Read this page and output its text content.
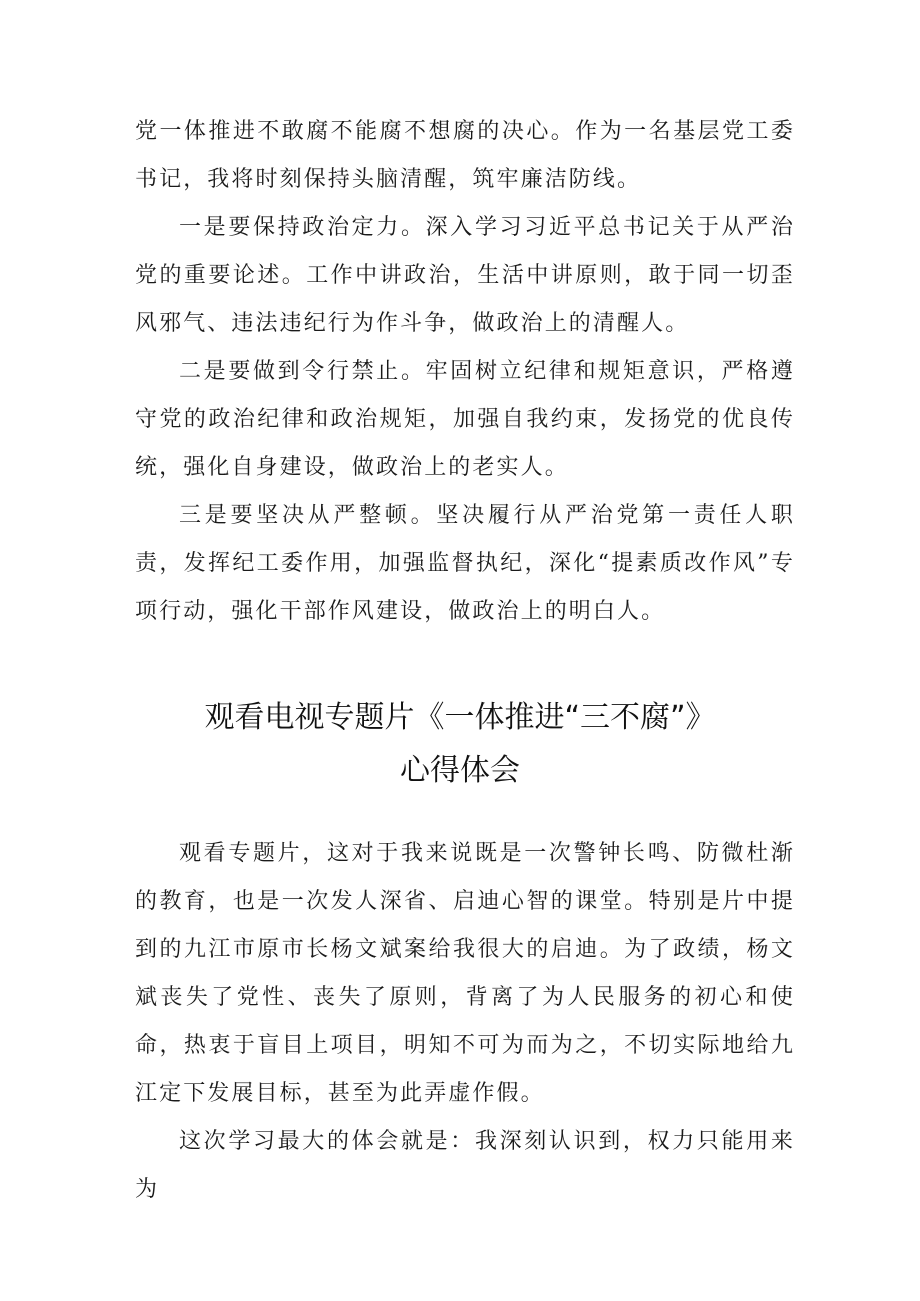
党一体推进不敢腐不能腐不想腐的决心。作为一名基层党工委书记，我将时刻保持头脑清醒，筑牢廉洁防线。

一是要保持政治定力。深入学习习近平总书记关于从严治党的重要论述。工作中讲政治，生活中讲原则，敢于同一切歪风邪气、违法违纪行为作斗争，做政治上的清醒人。

二是要做到令行禁止。牢固树立纪律和规矩意识，严格遵守党的政治纪律和政治规矩，加强自我约束，发扬党的优良传统，强化自身建设，做政治上的老实人。

三是要坚决从严整顿。坚决履行从严治党第一责任人职责，发挥纪工委作用，加强监督执纪，深化“提素质改作风”专项行动，强化干部作风建设，做政治上的明白人。

观看电视专题片《一体推进“三不腐”》
心得体会

观看专题片，这对于我来说既是一次警钟长鸣、防微杜渐的教育，也是一次发人深省、启迪心智的课堂。特别是片中提到的九江市原市长杨文斌案给我很大的启迪。为了政绩，杨文斌丧失了党性、丧失了原则，背离了为人民服务的初心和使命，热衷于盲目上项目，明知不可为而为之，不切实际地给九江定下发展目标，甚至为此弄虚作假。

这次学习最大的体会就是：我深刻认识到，权力只能用来为
